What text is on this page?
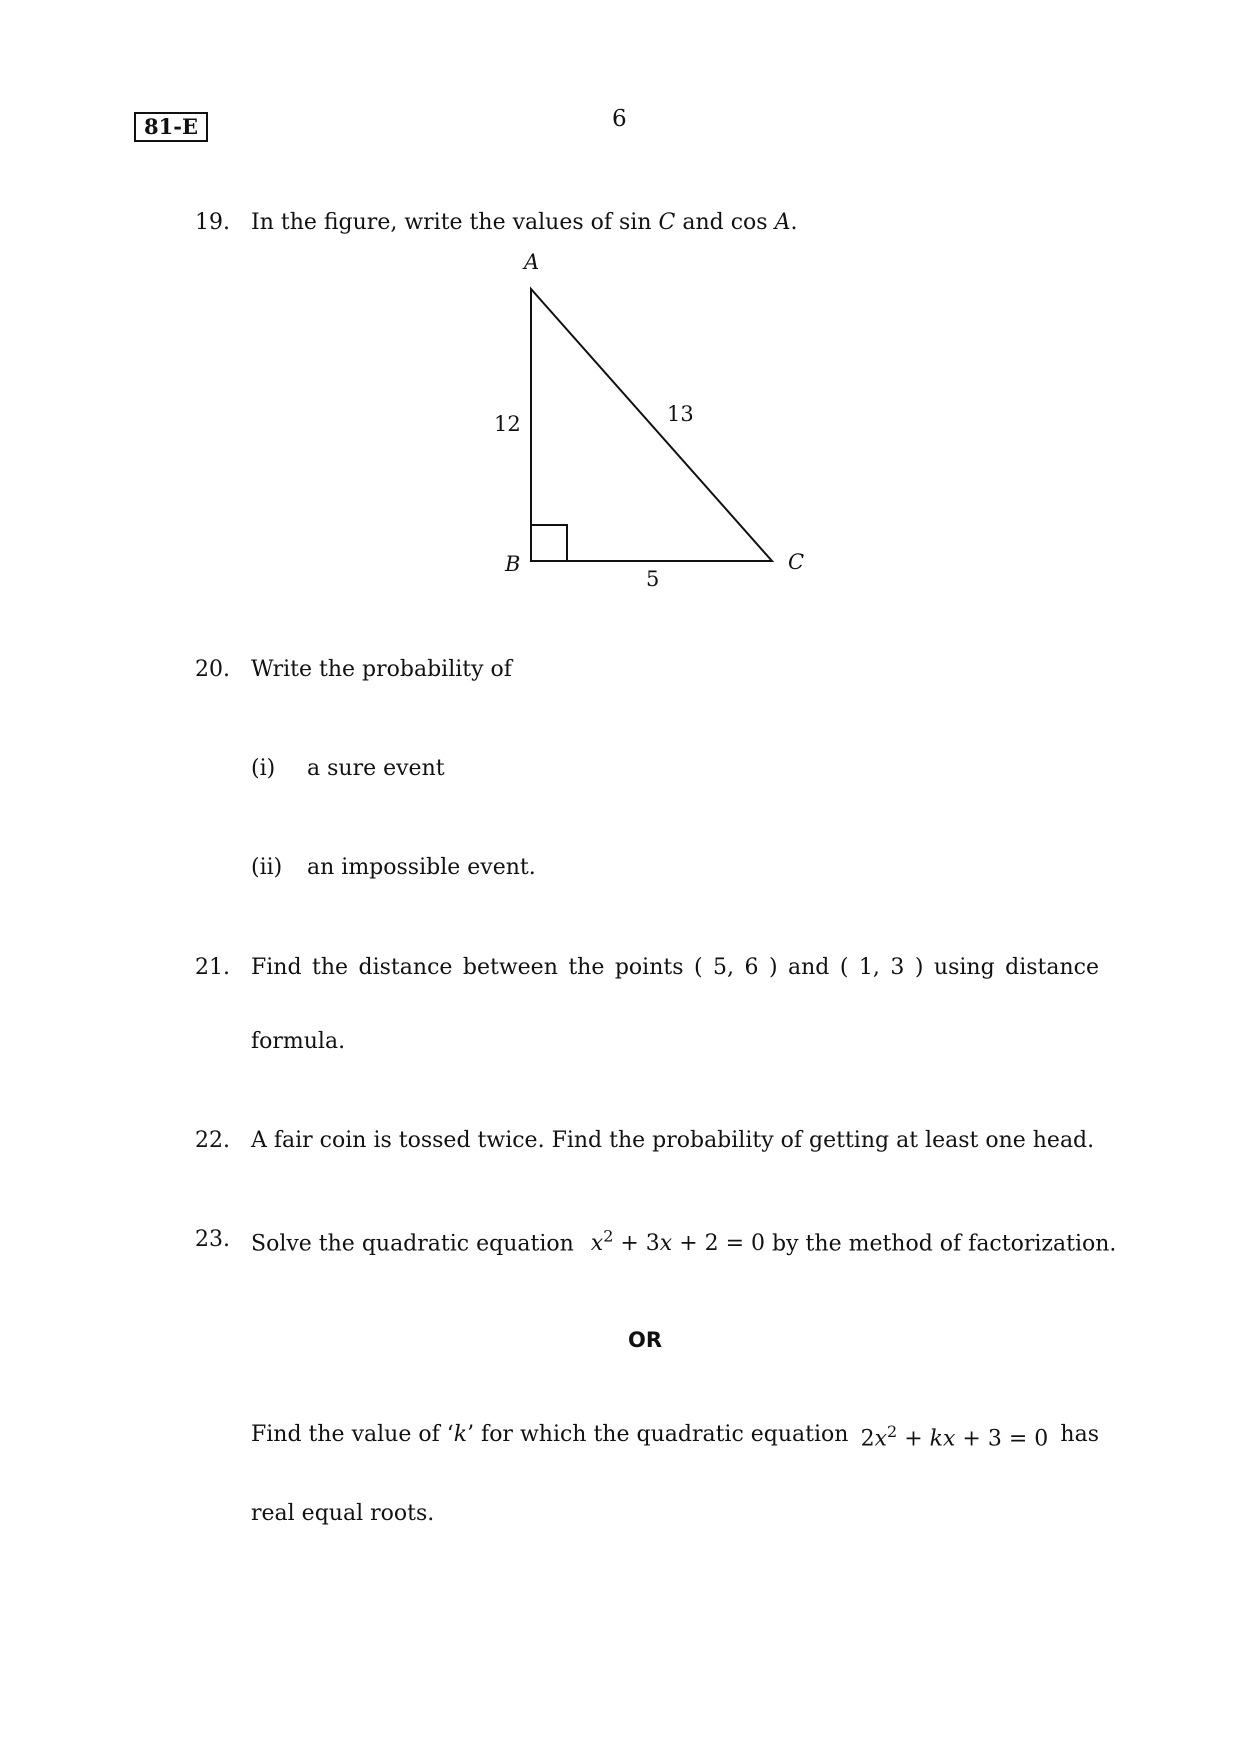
81-E	6
19. In the figure, write the values of sin C and cos A.
A
B	C
12	13
5
20. Write the probability of
(i) a sure event
(ii) an impossible event.
21. Find the distance between the points ( 5, 6 ) and ( 1, 3 ) using distance
formula.
22. A fair coin is tossed twice. Find the probability of getting at least one head.
23. Solve the quadratic equation $x^2 + 3x + 2 = 0$ by the method of factorization.
OR
Find the value of ‘k’ for which the quadratic equation $2x^2$ + kx + 3 = 0 has
real equal roots.
